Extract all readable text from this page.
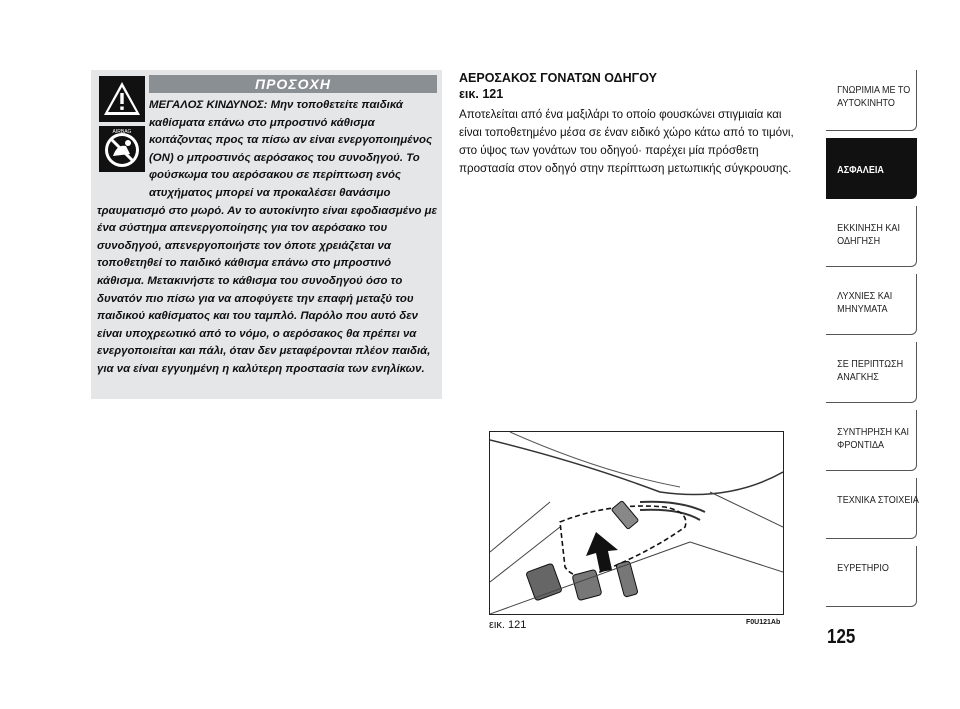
AIRBAG
ΠΡΟΣΟΧΗ

ΜΕΓΑΛΟΣ ΚΙΝΔΥΝΟΣ: Μην τοποθετείτε παιδικά καθίσματα επάνω στο μπροστινό κάθισμα κοιτάζοντας προς τα πίσω αν είναι ενεργοποιημένος (ΟΝ) ο μπροστινός αερόσακος του συνοδηγού. Το φούσκωμα του αερόσακου σε περίπτωση ενός ατυχήματος μπορεί να προκαλέσει θανάσιμο τραυματισμό στο μωρό. Αν το αυτοκίνητο είναι εφοδιασμένο με ένα σύστημα απενεργοποίησης για τον αερόσακο του συνοδηγού, απενεργοποιήστε τον όποτε χρειάζεται να τοποθετηθεί το παιδικό κάθισμα επάνω στο μπροστινό κάθισμα. Μετακινήστε το κάθισμα του συνοδηγού όσο το δυνατόν πιο πίσω για να αποφύγετε την επαφή μεταξύ του παιδικού καθίσματος και του ταμπλό. Παρόλο που αυτό δεν είναι υποχρεωτικό από το νόμο, ο αερόσακος θα πρέπει να ενεργοποιείται και πάλι, όταν δεν μεταφέρονται πλέον παιδιά, για να είναι εγγυημένη η καλύτερη προστασία των ενηλίκων.

ΑΕΡΟΣΑΚΟΣ ΓΟΝΑΤΩΝ ΟΔΗΓΟΥ
εικ. 121

Αποτελείται από ένα μαξιλάρι το οποίο φουσκώνει στιγμιαία και είναι τοποθετημένο μέσα σε έναν ειδικό χώρο κάτω από το τιμόνι, στο ύψος των γονάτων του οδηγού· παρέχει μία πρόσθετη προστασία στον οδηγό στην περίπτωση μετωπικής σύγκρουσης.

εικ. 121	F0U121Ab
ΓΝΩΡΙΜΙΑ ΜΕ ΤΟ ΑΥΤΟΚΙΝΗΤΟ
ΑΣΦΑΛΕΙΑ
ΕΚΚΙΝΗΣΗ ΚΑΙ ΟΔΗΓΗΣΗ
ΛΥΧΝΙΕΣ ΚΑΙ ΜΗΝΥΜΑΤΑ
ΣΕ ΠΕΡΙΠΤΩΣΗ ΑΝΑΓΚΗΣ
ΣΥΝΤΗΡΗΣΗ ΚΑΙ ΦΡΟΝΤΙΔΑ
ΤΕΧΝΙΚΑ ΣΤΟΙΧΕΙΑ
ΕΥΡΕΤΗΡΙΟ
125
